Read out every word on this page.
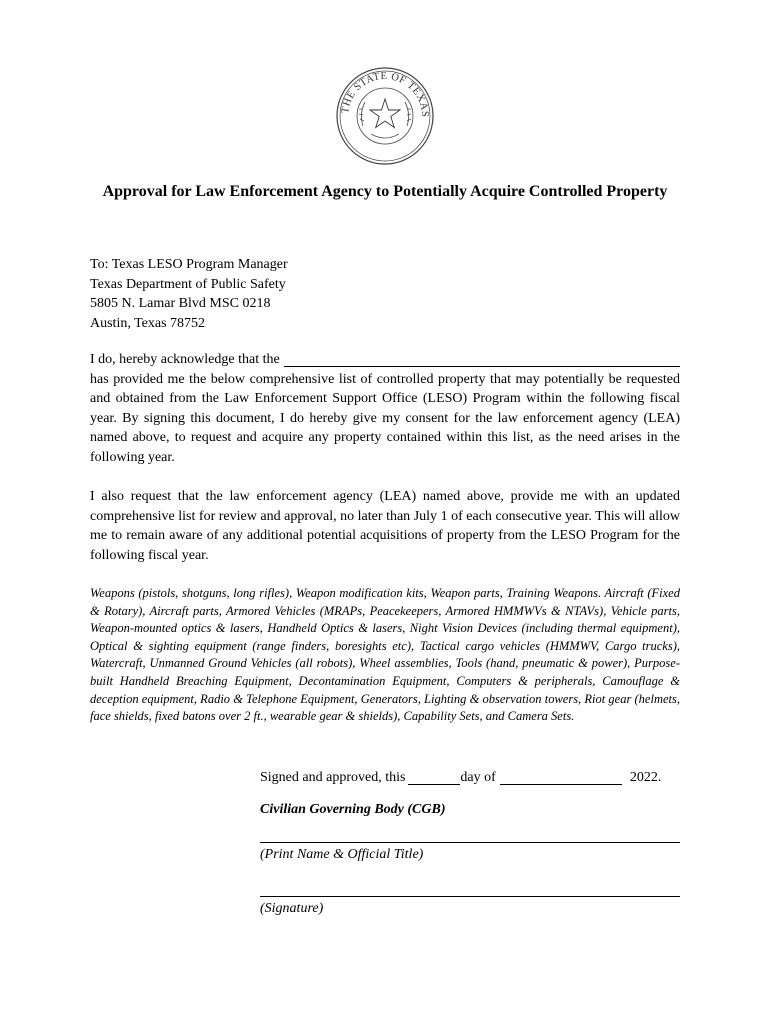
THE STATE OF TEXAS
Approval for Law Enforcement Agency to Potentially Acquire Controlled Property
To: Texas LESO Program Manager
Texas Department of Public Safety
5805 N. Lamar Blvd MSC 0218
Austin, Texas 78752
I do, hereby acknowledge that the
has provided me the below comprehensive list of controlled property that may potentially be requested and obtained from the Law Enforcement Support Office (LESO) Program within the following fiscal year. By signing this document, I do hereby give my consent for the law enforcement agency (LEA) named above, to request and acquire any property contained within this list, as the need arises in the following year.
I also request that the law enforcement agency (LEA) named above, provide me with an updated comprehensive list for review and approval, no later than July 1 of each consecutive year. This will allow me to remain aware of any additional potential acquisitions of property from the LESO Program for the following fiscal year.
Weapons (pistols, shotguns, long rifles), Weapon modification kits, Weapon parts, Training Weapons. Aircraft (Fixed & Rotary), Aircraft parts, Armored Vehicles (MRAPs, Peacekeepers, Armored HMMWVs & NTAVs), Vehicle parts, Weapon-mounted optics & lasers, Handheld Optics & lasers, Night Vision Devices (including thermal equipment), Optical & sighting equipment (range finders, boresights etc), Tactical cargo vehicles (HMMWV, Cargo trucks), Watercraft, Unmanned Ground Vehicles (all robots), Wheel assemblies, Tools (hand, pneumatic & power), Purpose-built Handheld Breaching Equipment, Decontamination Equipment, Computers & peripherals, Camouflage & deception equipment, Radio & Telephone Equipment, Generators, Lighting & observation towers, Riot gear (helmets, face shields, fixed batons over 2 ft., wearable gear & shields), Capability Sets, and Camera Sets.
Signed and approved, this	day of	2022.
Civilian Governing Body (CGB)
(Print Name & Official Title)
(Signature)
